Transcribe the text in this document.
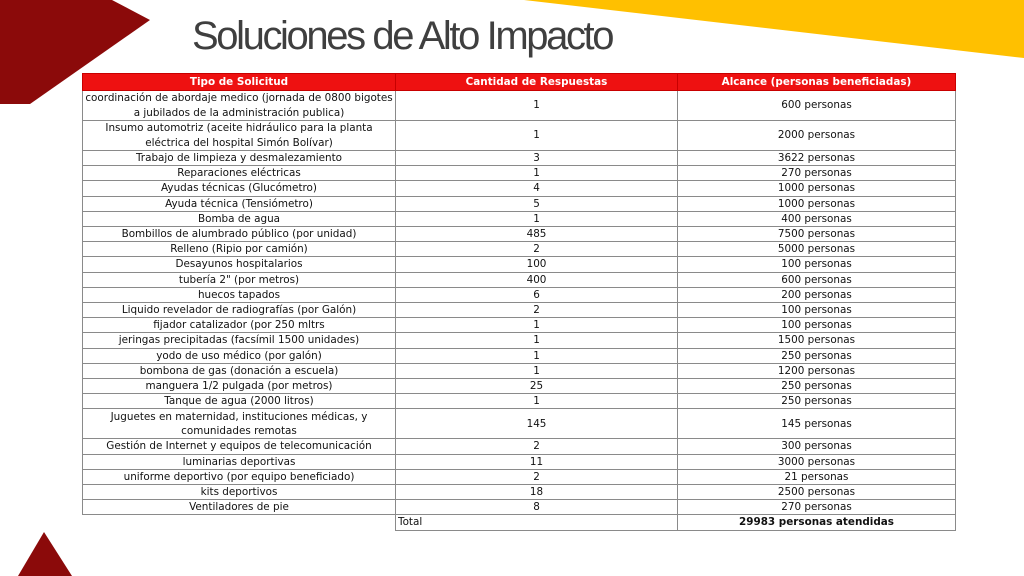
Soluciones de Alto Impacto
Tipo de Solicitud	Cantidad de Respuestas	Alcance (personas beneficiadas)
coordinación de abordaje medico (jornada de 0800 bigotes a jubilados de la administración publica)	1	600 personas
Insumo automotriz (aceite hidráulico para la planta eléctrica del hospital Simón Bolívar)	1	2000 personas
Trabajo de limpieza y desmalezamiento	3	3622 personas
Reparaciones eléctricas	1	270 personas
Ayudas técnicas (Glucómetro)	4	1000 personas
Ayuda técnica (Tensiómetro)	5	1000 personas
Bomba de agua	1	400 personas
Bombillos de alumbrado público (por unidad)	485	7500 personas
Relleno (Ripio por camión)	2	5000 personas
Desayunos hospitalarios	100	100 personas
tubería 2" (por metros)	400	600 personas
huecos tapados	6	200 personas
Liquido revelador de radiografías (por Galón)	2	100 personas
fijador catalizador (por 250 mltrs	1	100 personas
jeringas precipitadas (facsímil 1500 unidades)	1	1500 personas
yodo de uso médico (por galón)	1	250 personas
bombona de gas (donación a escuela)	1	1200 personas
manguera 1/2 pulgada (por metros)	25	250 personas
Tanque de agua (2000 litros)	1	250 personas
Juguetes en maternidad, instituciones médicas, y comunidades remotas	145	145 personas
Gestión de Internet y equipos de telecomunicación	2	300 personas
luminarias deportivas	11	3000 personas
uniforme deportivo (por equipo beneficiado)	2	21 personas
kits deportivos	18	2500 personas
Ventiladores de pie	8	270 personas
	Total	29983 personas atendidas
